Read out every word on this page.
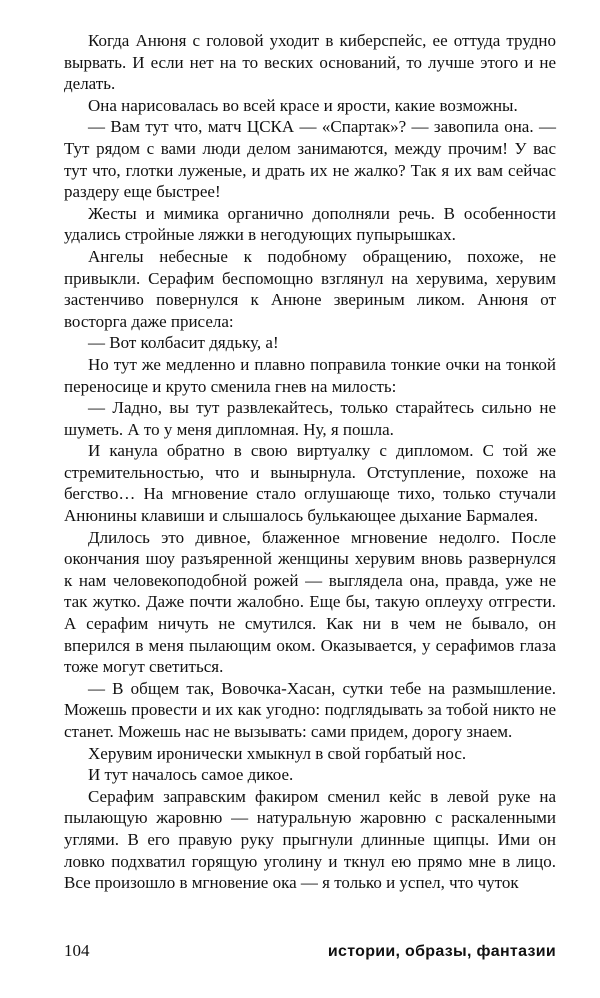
Когда Анюня с головой уходит в киберспейс, ее оттуда трудно вырвать. И если нет на то веских оснований, то лучше этого и не делать.

Она нарисовалась во всей красе и ярости, какие возможны.

— Вам тут что, матч ЦСКА — «Спартак»? — завопила она. — Тут рядом с вами люди делом занимаются, между прочим! У вас тут что, глотки луженые, и драть их не жалко? Так я их вам сейчас раздеру еще быстрее!

Жесты и мимика органично дополняли речь. В особенности удались стройные ляжки в негодующих пупырышках.

Ангелы небесные к подобному обращению, похоже, не привыкли. Серафим беспомощно взглянул на херувима, херувим застенчиво повернулся к Анюне звериным ликом. Анюня от восторга даже присела:

— Вот колбасит дядьку, а!

Но тут же медленно и плавно поправила тонкие очки на тонкой переносице и круто сменила гнев на милость:

— Ладно, вы тут развлекайтесь, только старайтесь сильно не шуметь. А то у меня дипломная. Ну, я пошла.

И канула обратно в свою виртуалку с дипломом. С той же стремительностью, что и вынырнула. Отступление, похоже на бегство… На мгновение стало оглушающе тихо, только стучали Анюнины клавиши и слышалось булькающее дыхание Бармалея.

Длилось это дивное, блаженное мгновение недолго. После окончания шоу разъяренной женщины херувим вновь развернулся к нам человекоподобной рожей — выглядела она, правда, уже не так жутко. Даже почти жалобно. Еще бы, такую оплеуху отгрести. А серафим ничуть не смутился. Как ни в чем не бывало, он вперился в меня пылающим оком. Оказывается, у серафимов глаза тоже могут светиться.

— В общем так, Вовочка-Хасан, сутки тебе на размышление. Можешь провести и их как угодно: подглядывать за тобой никто не станет. Можешь нас не вызывать: сами придем, дорогу знаем.

Херувим иронически хмыкнул в свой горбатый нос.

И тут началось самое дикое.

Серафим заправским факиром сменил кейс в левой руке на пылающую жаровню — натуральную жаровню с раскаленными углями. В его правую руку прыгнули длинные щипцы. Ими он ловко подхватил горящую уголину и ткнул ею прямо мне в лицо. Все произошло в мгновение ока — я только и успел, что чуток

104	истории, образы, фантазии
